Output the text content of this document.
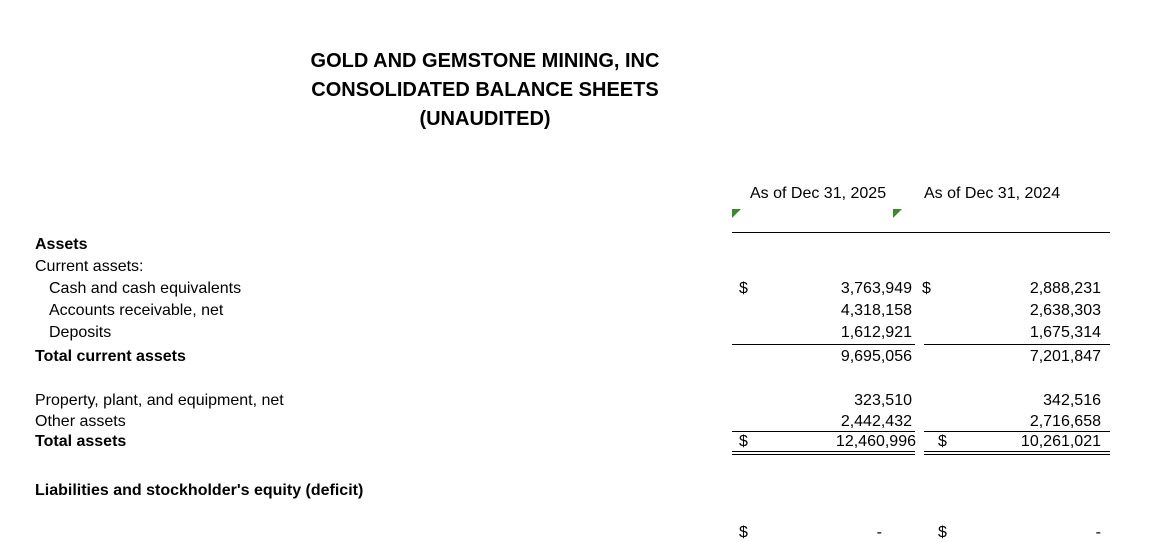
GOLD AND GEMSTONE MINING, INC
CONSOLIDATED BALANCE SHEETS
(UNAUDITED)
As of Dec 31, 2025 As of Dec 31, 2024
Assets
Current assets:
Cash and cash equivalents	$	3,763,949 $	2,888,231
Accounts receivable, net	4,318,158	2,638,303
Deposits	1,612,921	1,675,314
Total current assets	9,695,056	7,201,847
Property, plant, and equipment, net	323,510	342,516
Other assets	2,442,432	2,716,658
Total assets	$	12,460,996 $	10,261,021
Liabilities and stockholder's equity (deficit)
$	-	$	-
